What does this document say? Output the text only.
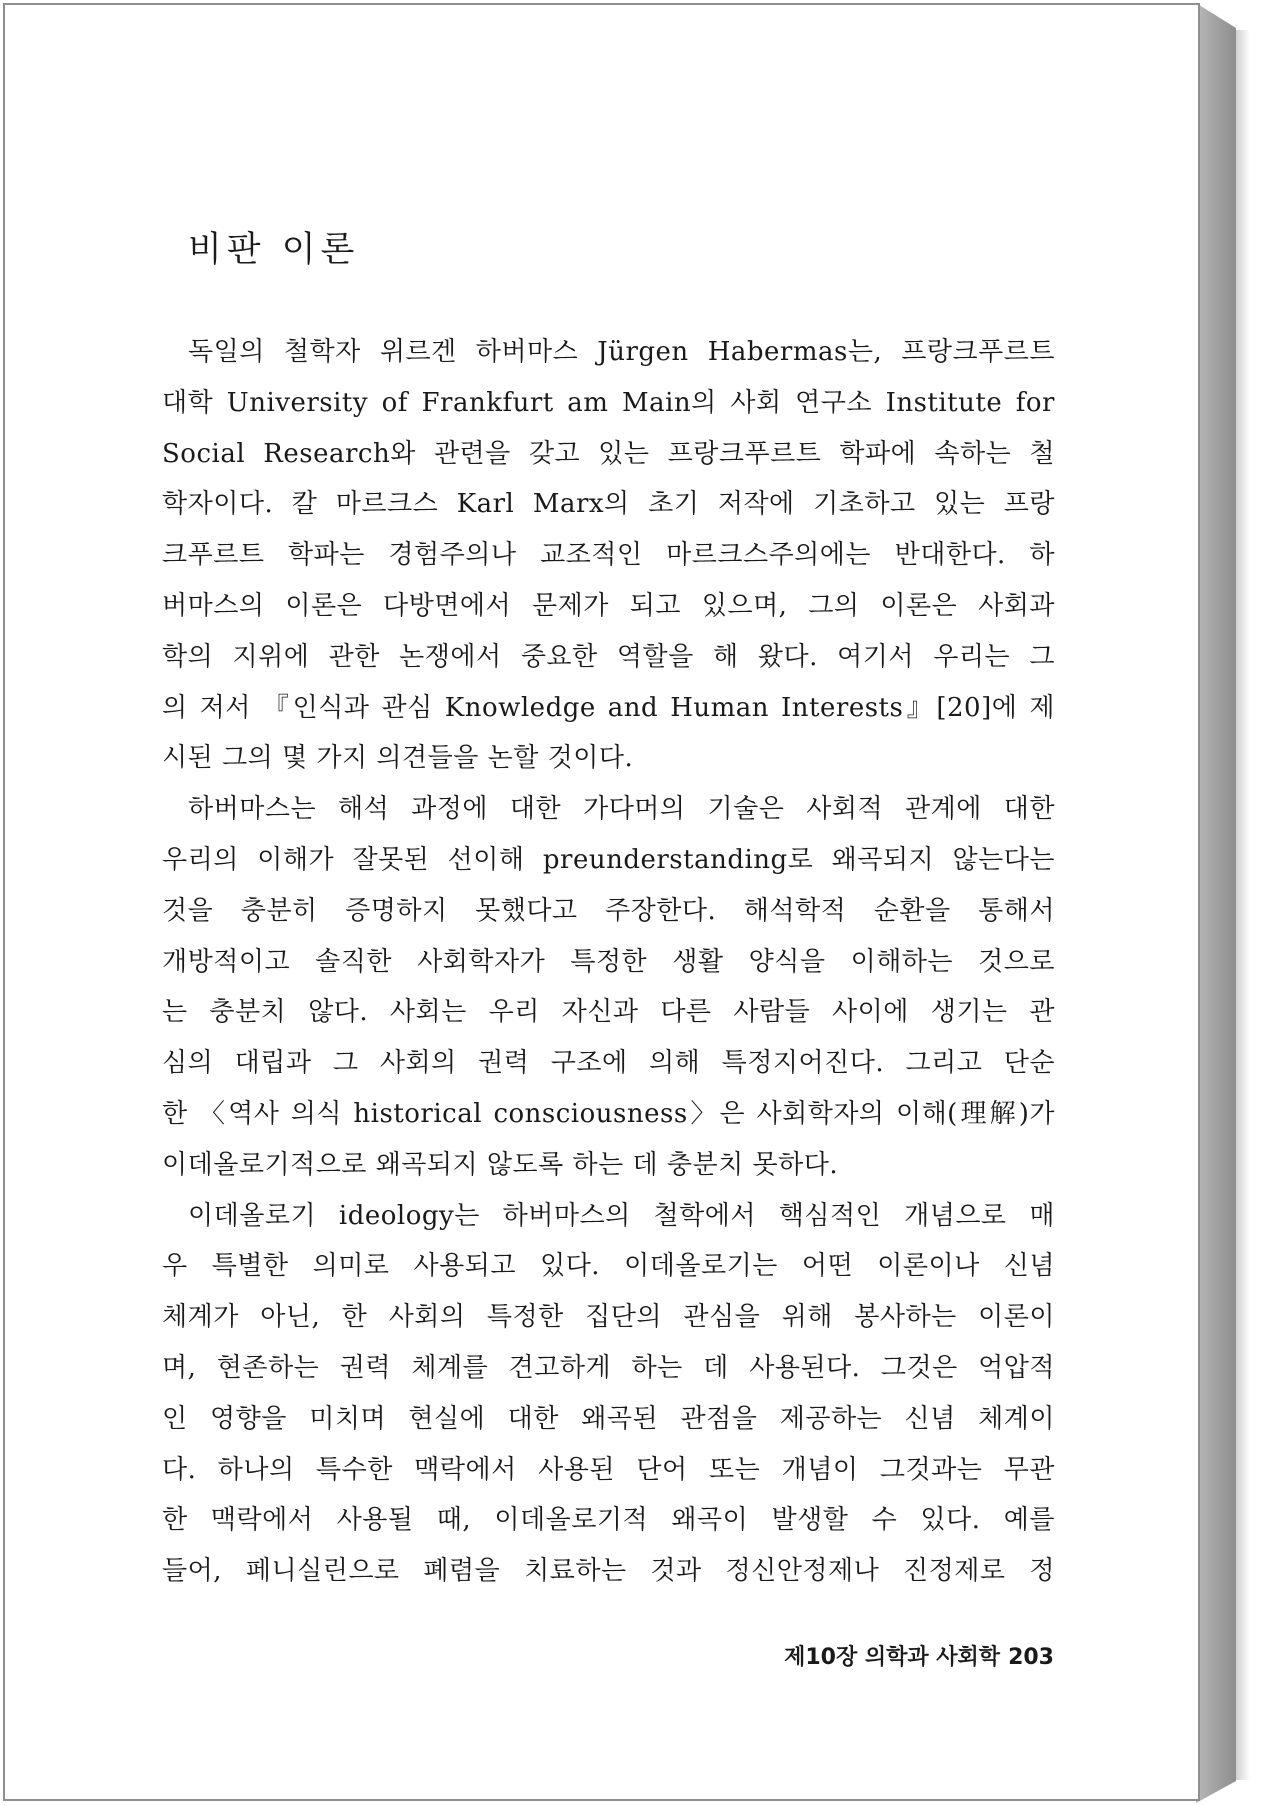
비판 이론
독일의 철학자 위르겐 하버마스 Jürgen Habermas는, 프랑크푸르트
대학 University of Frankfurt am Main의 사회 연구소 Institute for
Social Research와 관련을 갖고 있는 프랑크푸르트 학파에 속하는 철
학자이다. 칼 마르크스 Karl Marx의 초기 저작에 기초하고 있는 프랑
크푸르트 학파는 경험주의나 교조적인 마르크스주의에는 반대한다. 하
버마스의 이론은 다방면에서 문제가 되고 있으며, 그의 이론은 사회과
학의 지위에 관한 논쟁에서 중요한 역할을 해 왔다. 여기서 우리는 그
의 저서 『인식과 관심 Knowledge and Human Interests』[20]에 제
시된 그의 몇 가지 의견들을 논할 것이다.
하버마스는 해석 과정에 대한 가다머의 기술은 사회적 관계에 대한
우리의 이해가 잘못된 선이해 preunderstanding로 왜곡되지 않는다는
것을 충분히 증명하지 못했다고 주장한다. 해석학적 순환을 통해서
개방적이고 솔직한 사회학자가 특정한 생활 양식을 이해하는 것으로
는 충분치 않다. 사회는 우리 자신과 다른 사람들 사이에 생기는 관
심의 대립과 그 사회의 권력 구조에 의해 특정지어진다. 그리고 단순
한 〈역사 의식 historical consciousness〉은 사회학자의 이해(理解)가
이데올로기적으로 왜곡되지 않도록 하는 데 충분치 못하다.
이데올로기 ideology는 하버마스의 철학에서 핵심적인 개념으로 매
우 특별한 의미로 사용되고 있다. 이데올로기는 어떤 이론이나 신념
체계가 아닌, 한 사회의 특정한 집단의 관심을 위해 봉사하는 이론이
며, 현존하는 권력 체계를 견고하게 하는 데 사용된다. 그것은 억압적
인 영향을 미치며 현실에 대한 왜곡된 관점을 제공하는 신념 체계이
다. 하나의 특수한 맥락에서 사용된 단어 또는 개념이 그것과는 무관
한 맥락에서 사용될 때, 이데올로기적 왜곡이 발생할 수 있다. 예를
들어, 페니실린으로 폐렴을 치료하는 것과 정신안정제나 진정제로 정
제10장 의학과 사회학 203
